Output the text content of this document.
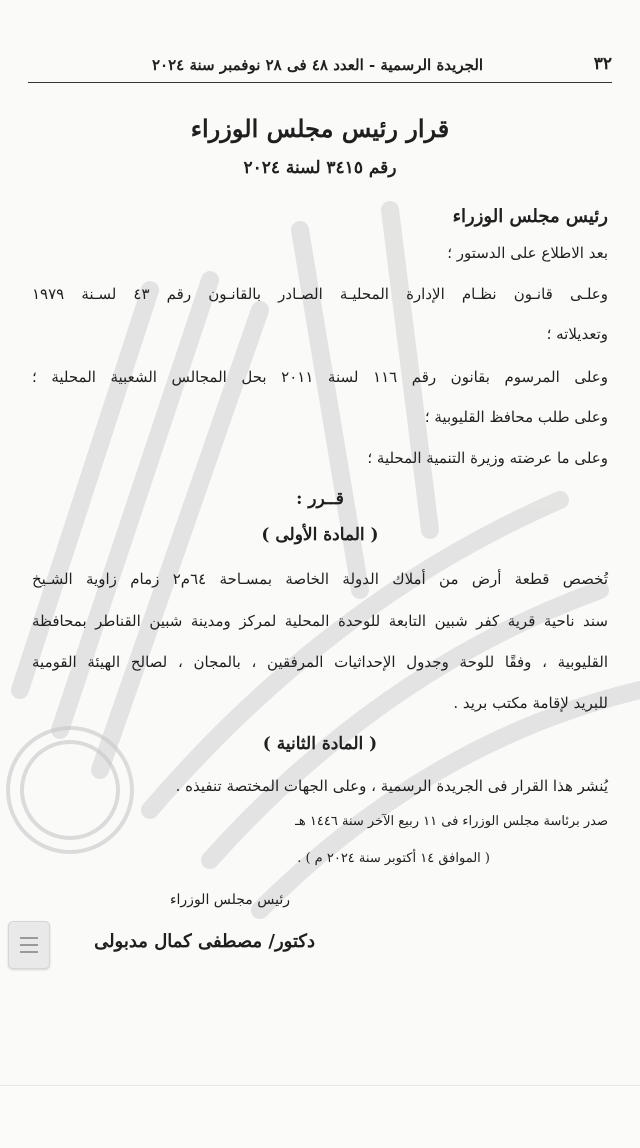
٣٢
الجريدة الرسمية - العدد ٤٨ فى ٢٨ نوفمبر سنة ٢٠٢٤
قرار رئيس مجلس الوزراء
رقم ٣٤١٥ لسنة ٢٠٢٤
رئيس مجلس الوزراء
بعد الاطلاع على الدستور ؛
وعلـى قانـون نظـام الإدارة المحليـة الصـادر بالقانـون رقم ٤٣ لسـنة ١٩٧٩
وتعديلاته ؛
وعلى المرسوم بقانون رقم ١١٦ لسنة ٢٠١١ بحل المجالس الشعبية المحلية ؛
وعلى طلب محافظ القليوبية ؛
وعلى ما عرضته وزيرة التنمية المحلية ؛
قــرر :
( المادة الأولى )
تُخصص قطعة أرض من أملاك الدولة الخاصة بمسـاحة ٦٤م٢ زمام زاوية الشـيخ
سند ناحية قرية كفر شبين التابعة للوحدة المحلية لمركز ومدينة شبين القناطر بمحافظة
القليوبية ، وفقًا للوحة وجدول الإحداثيات المرفقين ، بالمجان ، لصالح الهيئة القومية
للبريد لإقامة مكتب بريد .
( المادة الثانية )
يُنشر هذا القرار فى الجريدة الرسمية ، وعلى الجهات المختصة تنفيذه .
صدر برئاسة مجلس الوزراء فى ١١ ربيع الآخر سنة ١٤٤٦ هـ
( الموافق ١٤ أكتوبر سنة ٢٠٢٤ م ) .
رئيس مجلس الوزراء
دكتور/ مصطفى كمال مدبولى
